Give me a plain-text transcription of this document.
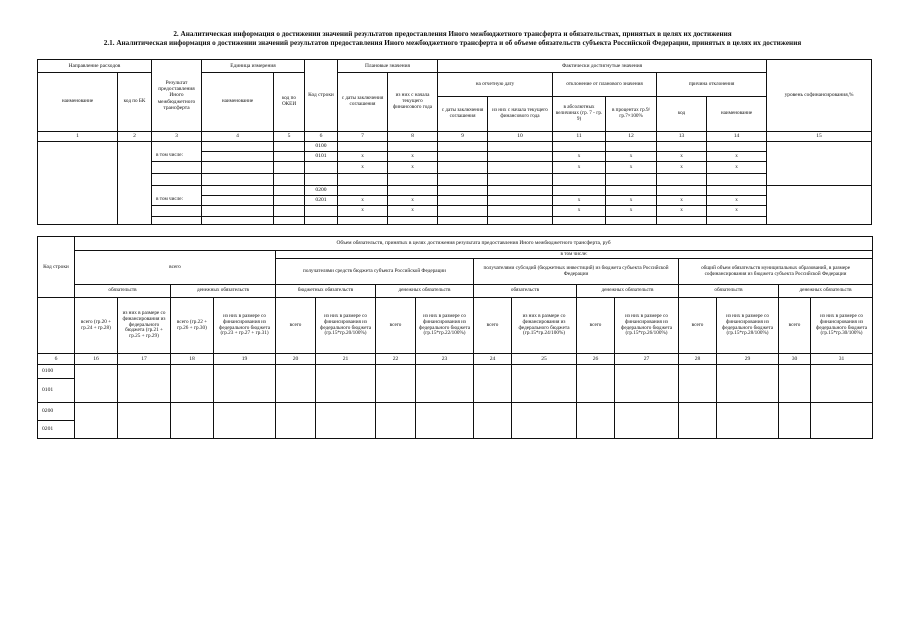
2. Аналитическая информация о достижении значений результатов предоставления Иного межбюджетного трансферта и обязательствах, принятых в целях их достижения
2.1. Аналитическая информация о достижении значений результатов предоставления Иного межбюджетного трансферта и об объеме обязательств субъекта Российской Федерации, принятых в целях их достижения
Направление расходов		Результат предоставления Иного межбюджетного трансферта	Единица измерения		Код строки	Плановые значения		Фактически достигнутые значения						уровень софинансирования,%
наименование	код по БК		наименование	код по ОКЕИ		с даты заключения соглашения	из них с начала текущего финансового года	на отчетную дату		отклонение от планового значения		причина отклонения		
								с даты заключения соглашения	из них с начала текущего финансового года	в абсолютных величинах (гр. 7 - гр. 9)	в процентах гр.9/гр.7×100%	код	наименование	
1	2	3	4	5	6	7	8	9	10	11	12	13	14	15
					0100									
		в том числе:			0101	x	x			x	x	x	x	
						x	x			x	x	x	x	

					0200									
		в том числе:			0201	x	x			x	x	x	x	
						x	x			x	x	x	x	

Код строки	Объем обязательств, принятых в целях достижения результата предоставления Иного межбюджетного трансферта, руб															
	всего				в том числе:											
					получателями средств бюджета субъекта Российской Федерации				получателями субсидий (бюджетных инвестиций) из бюджета субъекта Российской Федерации				общий объем обязательств муниципальных образований, в размере софинансирования из бюджета субъекта Российской Федерации			
	обязательств		денежных обязательств		бюджетных обязательств		денежных обязательств		обязательств		денежных обязательств		обязательств		денежных обязательств	
	всего (гр.20 + гр.24 + гр.28)	из них в размере со финансирования из федерального бюджета (гр.21 + гр.25 + гр.29)	всего (гр.22 + гр.26 + гр.30)	из них в размере со финансирования из федерального бюджета (гр.23 + гр.27 + гр.31)	всего	из них в размере со финансирования из федерального бюджета (гр.15*гр.20/100%)	всего	из них в размере со финансирования из федерального бюджета (гр.15*гр.22/100%)	всего	из них в размере со финансирования из федерального бюджета (гр.15*гр.24/100%)	всего	из них в размере со финансирования из федерального бюджета (гр.15*гр.26/100%)	всего	из них в размере со финансирования из федерального бюджета (гр.15*гр.28/100%)	всего	из них в размере со финансирования из федерального бюджета (гр.15*гр.30/100%)
6	16	17	18	19	20	21	22	23	24	25	26	27	28	29	30	31
0100																
0101																
0200																
0201																
